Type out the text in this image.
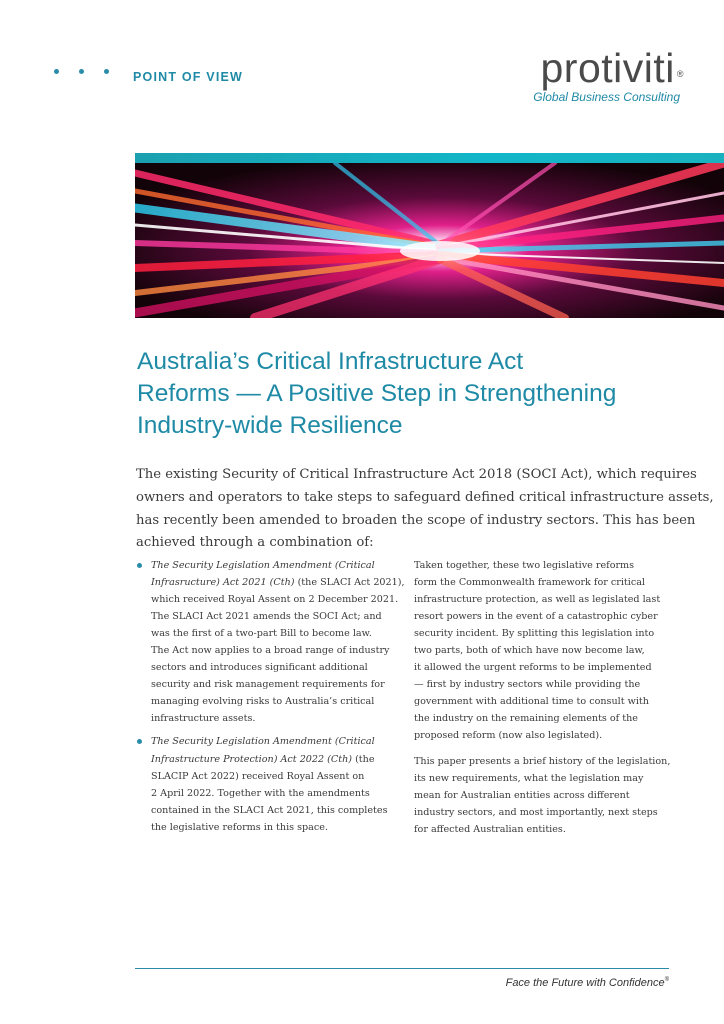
POINT OF VIEW	protiviti ®
Global Business Consulting
Australia’s Critical Infrastructure Act
Reforms — A Positive Step in Strengthening
Industry-wide Resilience

The existing Security of Critical Infrastructure Act 2018 (SOCI Act), which requires
owners and operators to take steps to safeguard defined critical infrastructure assets,
has recently been amended to broaden the scope of industry sectors. This has been
achieved through a combination of:

The Security Legislation Amendment (Critical
Infrasructure) Act 2021 (Cth) (the SLACI Act 2021),
which received Royal Assent on 2 December 2021.
The SLACI Act 2021 amends the SOCI Act; and
was the first of a two-part Bill to become law.
The Act now applies to a broad range of industry
sectors and introduces significant additional
security and risk management requirements for
managing evolving risks to Australia’s critical
infrastructure assets.
The Security Legislation Amendment (Critical
Infrastructure Protection) Act 2022 (Cth) (the
SLACIP Act 2022) received Royal Assent on
2 April 2022. Together with the amendments
contained in the SLACI Act 2021, this completes
the legislative reforms in this space.
Taken together, these two legislative reforms
form the Commonwealth framework for critical
infrastructure protection, as well as legislated last
resort powers in the event of a catastrophic cyber
security incident. By splitting this legislation into
two parts, both of which have now become law,
it allowed the urgent reforms to be implemented
— first by industry sectors while providing the
government with additional time to consult with
the industry on the remaining elements of the
proposed reform (now also legislated).
This paper presents a brief history of the legislation,
its new requirements, what the legislation may
mean for Australian entities across different
industry sectors, and most importantly, next steps
for affected Australian entities.
Face the Future with Confidence®
